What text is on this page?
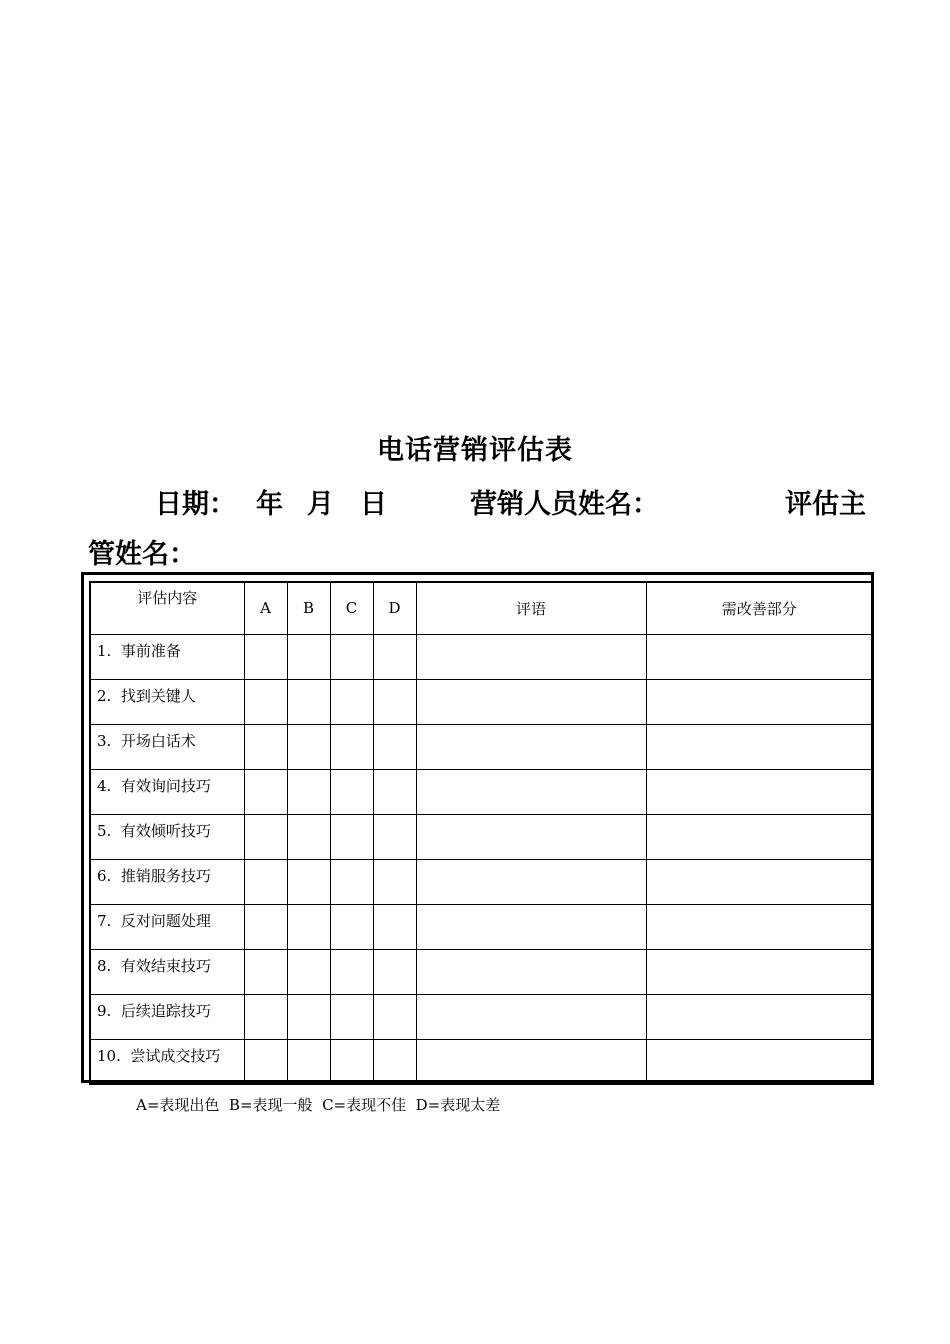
电话营销评估表
日期： 年 月 日	营销人员姓名：	评估主
管姓名：
评估内容	A	B	C	D	评语	需改善部分
1.  事前准备						
2.  找到关键人						
3.  开场白话术						
4.  有效询问技巧						
5.  有效倾听技巧						
6.  推销服务技巧						
7.  反对问题处理						
8.  有效结束技巧						
9.  后续追踪技巧						
10.  尝试成交技巧						
A=表现出色  B=表现一般  C=表现不佳  D=表现太差
